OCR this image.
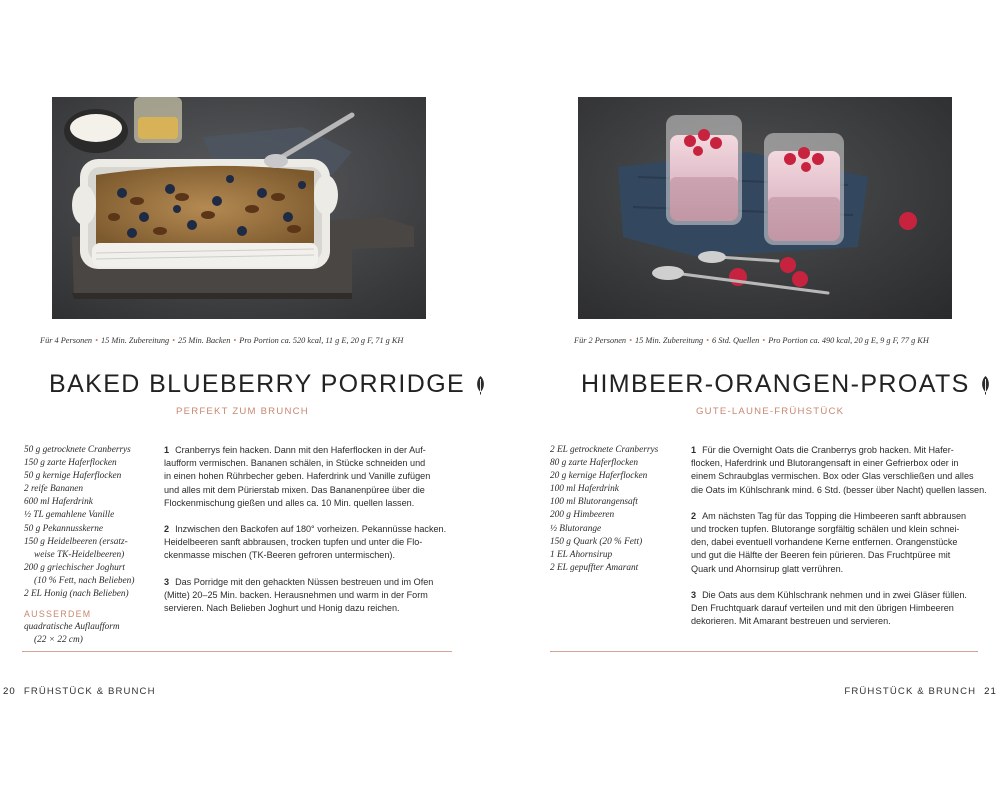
Für 4 Personen • 15 Min. Zubereitung • 25 Min. Backen • Pro Portion ca. 520 kcal, 11 g E, 20 g F, 71 g KH
BAKED BLUEBERRY PORRIDGE
PERFEKT ZUM BRUNCH
50 g getrocknete Cranberrys
150 g zarte Haferflocken
50 g kernige Haferflocken
2 reife Bananen
600 ml Haferdrink
½ TL gemahlene Vanille
50 g Pekannusskerne
150 g Heidelbeeren (ersatz-
weise TK-Heidelbeeren)
200 g griechischer Joghurt
(10 % Fett, nach Belieben)
2 EL Honig (nach Belieben)
AUSSERDEM
quadratische Auflaufform
(22 × 22 cm)
1 Cranberrys fein hacken. Dann mit den Haferflocken in der Auf-
laufform vermischen. Bananen schälen, in Stücke schneiden und
in einen hohen Rührbecher geben. Haferdrink und Vanille zufügen
und alles mit dem Pürierstab mixen. Das Bananenpüree über die
Flockenmischung gießen und alles ca. 10 Min. quellen lassen.
2 Inzwischen den Backofen auf 180° vorheizen. Pekannüsse hacken.
Heidelbeeren sanft abbrausen, trocken tupfen und unter die Flo-
ckenmasse mischen (TK-Beeren gefroren untermischen).
3 Das Porridge mit den gehackten Nüssen bestreuen und im Ofen
(Mitte) 20–25 Min. backen. Herausnehmen und warm in der Form
servieren. Nach Belieben Joghurt und Honig dazu reichen.
20 FRÜHSTÜCK & BRUNCH
Für 2 Personen • 15 Min. Zubereitung • 6 Std. Quellen • Pro Portion ca. 490 kcal, 20 g E, 9 g F, 77 g KH
HIMBEER-ORANGEN-PROATS
GUTE-LAUNE-FRÜHSTÜCK
2 EL getrocknete Cranberrys
80 g zarte Haferflocken
20 g kernige Haferflocken
100 ml Haferdrink
100 ml Blutorangensaft
200 g Himbeeren
½ Blutorange
150 g Quark (20 % Fett)
1 EL Ahornsirup
2 EL gepuffter Amarant
1 Für die Overnight Oats die Cranberrys grob hacken. Mit Hafer-
flocken, Haferdrink und Blutorangensaft in einer Gefrierbox oder in
einem Schraubglas vermischen. Box oder Glas verschließen und alles
die Oats im Kühlschrank mind. 6 Std. (besser über Nacht) quellen lassen.
2 Am nächsten Tag für das Topping die Himbeeren sanft abbrausen
und trocken tupfen. Blutorange sorgfältig schälen und klein schnei-
den, dabei eventuell vorhandene Kerne entfernen. Orangenstücke
und gut die Hälfte der Beeren fein pürieren. Das Fruchtpüree mit
Quark und Ahornsirup glatt verrühren.
3 Die Oats aus dem Kühlschrank nehmen und in zwei Gläser füllen.
Den Fruchtquark darauf verteilen und mit den übrigen Himbeeren
dekorieren. Mit Amarant bestreuen und servieren.
FRÜHSTÜCK & BRUNCH 21
